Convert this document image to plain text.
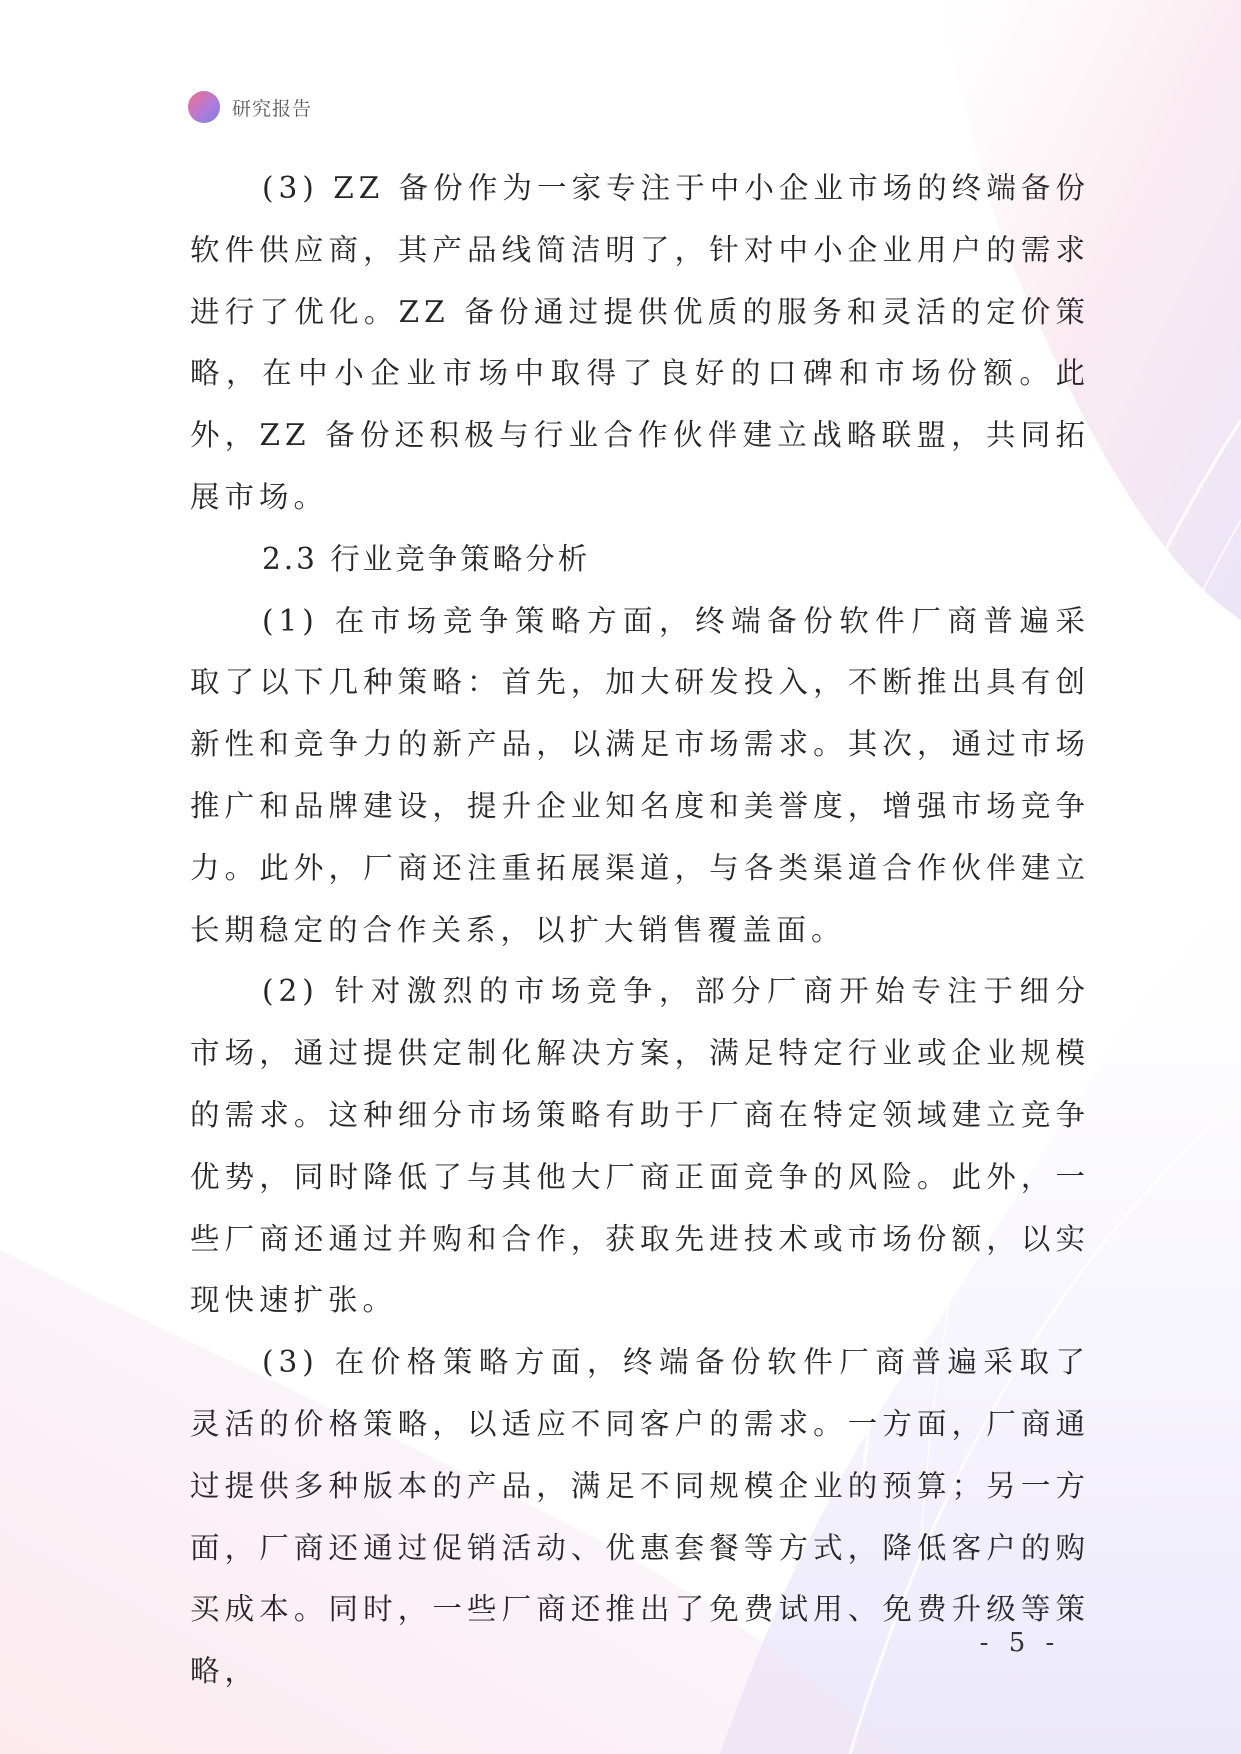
研究报告

(3) ZZ 备份作为一家专注于中小企业市场的终端备份软件供应商，其产品线简洁明了，针对中小企业用户的需求进行了优化。ZZ 备份通过提供优质的服务和灵活的定价策略，在中小企业市场中取得了良好的口碑和市场份额。此外，ZZ 备份还积极与行业合作伙伴建立战略联盟，共同拓展市场。

2.3 行业竞争策略分析

(1) 在市场竞争策略方面，终端备份软件厂商普遍采取了以下几种策略：首先，加大研发投入，不断推出具有创新性和竞争力的新产品，以满足市场需求。其次，通过市场推广和品牌建设，提升企业知名度和美誉度，增强市场竞争力。此外，厂商还注重拓展渠道，与各类渠道合作伙伴建立长期稳定的合作关系，以扩大销售覆盖面。

(2) 针对激烈的市场竞争，部分厂商开始专注于细分市场，通过提供定制化解决方案，满足特定行业或企业规模的需求。这种细分市场策略有助于厂商在特定领域建立竞争优势，同时降低了与其他大厂商正面竞争的风险。此外，一些厂商还通过并购和合作，获取先进技术或市场份额，以实现快速扩张。

(3) 在价格策略方面，终端备份软件厂商普遍采取了灵活的价格策略，以适应不同客户的需求。一方面，厂商通过提供多种版本的产品，满足不同规模企业的预算；另一方面，厂商还通过促销活动、优惠套餐等方式，降低客户的购买成本。同时，一些厂商还推出了免费试用、免费升级等策略，

- 5 -
